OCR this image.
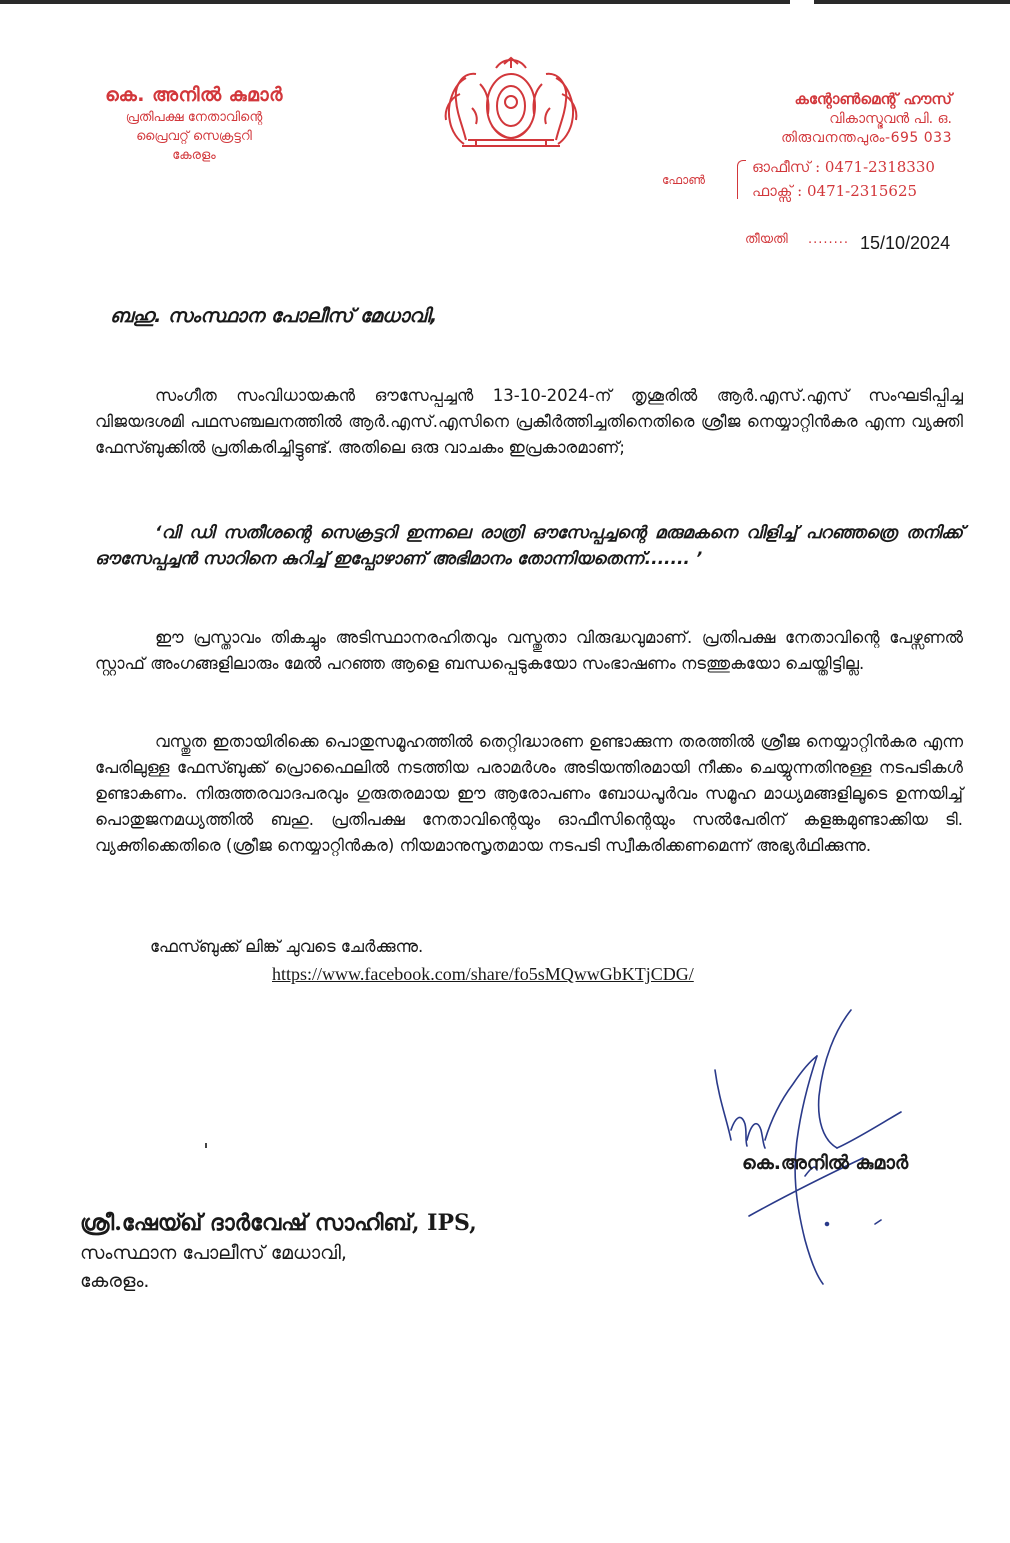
കെ. അനിൽ കുമാർ
പ്രതിപക്ഷ നേതാവിന്റെ
പ്രൈവറ്റ് സെക്രട്ടറി
കേരളം
കന്റോൺമെന്റ് ഹൗസ്
വികാസ്ഭവൻ പി. ഒ.
തിരുവനന്തപുരം-695 033
ഫോൺ
ഓഫീസ് : 0471-2318330
ഫാക്സ് : 0471-2315625
തീയതി ........ 15/10/2024
ബഹു. സംസ്ഥാന പോലീസ് മേധാവി,
സംഗീത സംവിധായകൻ ഔസേപ്പച്ചൻ 13-10-2024-ന് തൃശൂരിൽ ആർ.എസ്.എസ് സംഘടിപ്പിച്ച വിജയദശമി പഥസഞ്ചലനത്തിൽ ആർ.എസ്.എസിനെ പ്രകീർത്തിച്ചതിനെതിരെ ശ്രീജ നെയ്യാറ്റിൻകര എന്ന വ്യക്തി ഫേസ്ബുക്കിൽ പ്രതികരിച്ചിട്ടുണ്ട്. അതിലെ ഒരു വാചകം ഇപ്രകാരമാണ്;
‘വി ഡി സതീശന്റെ സെക്രട്ടറി ഇന്നലെ രാത്രി ഔസേപ്പച്ചന്റെ മരുമകനെ വിളിച്ച് പറഞ്ഞത്രെ തനിക്ക് ഔസേപ്പച്ചൻ സാറിനെ കുറിച്ച് ഇപ്പോഴാണ് അഭിമാനം തോന്നിയതെന്ന്....... ’
ഈ പ്രസ്താവം തികച്ചും അടിസ്ഥാനരഹിതവും വസ്തുതാ വിരുദ്ധവുമാണ്. പ്രതിപക്ഷ നേതാവിന്റെ പേഴ്സണൽ സ്റ്റാഫ് അംഗങ്ങളിലാരും മേൽ പറഞ്ഞ ആളെ ബന്ധപ്പെടുകയോ സംഭാഷണം നടത്തുകയോ ചെയ്തിട്ടില്ല.
വസ്തുത ഇതായിരിക്കെ പൊതുസമൂഹത്തിൽ തെറ്റിദ്ധാരണ ഉണ്ടാക്കുന്ന തരത്തിൽ ശ്രീജ നെയ്യാറ്റിൻകര എന്ന പേരിലുള്ള ഫേസ്ബുക്ക് പ്രൊഫൈലിൽ നടത്തിയ പരാമർശം അടിയന്തിരമായി നീക്കം ചെയ്യുന്നതിനുള്ള നടപടികൾ ഉണ്ടാകണം. നിരുത്തരവാദപരവും ഗുരുതരമായ ഈ ആരോപണം ബോധപൂർവം സമൂഹ മാധ്യമങ്ങളിലൂടെ ഉന്നയിച്ച് പൊതുജനമധ്യത്തിൽ ബഹു. പ്രതിപക്ഷ നേതാവിന്റെയും ഓഫീസിന്റെയും സൽപേരിന് കളങ്കമുണ്ടാക്കിയ ടി. വ്യക്തിക്കെതിരെ (ശ്രീജ നെയ്യാറ്റിൻകര) നിയമാനുസൃതമായ നടപടി സ്വീകരിക്കണമെന്ന് അഭ്യർഥിക്കുന്നു.
ഫേസ്ബുക്ക് ലിങ്ക് ചുവടെ ചേർക്കുന്നു.
https://www.facebook.com/share/fo5sMQwwGbKTjCDG/
കെ.അനിൽ കുമാർ
ശ്രീ.ഷേയ്ഖ് ദാർവേഷ് സാഹിബ്, IPS,
സംസ്ഥാന പോലീസ് മേധാവി,
കേരളം.
